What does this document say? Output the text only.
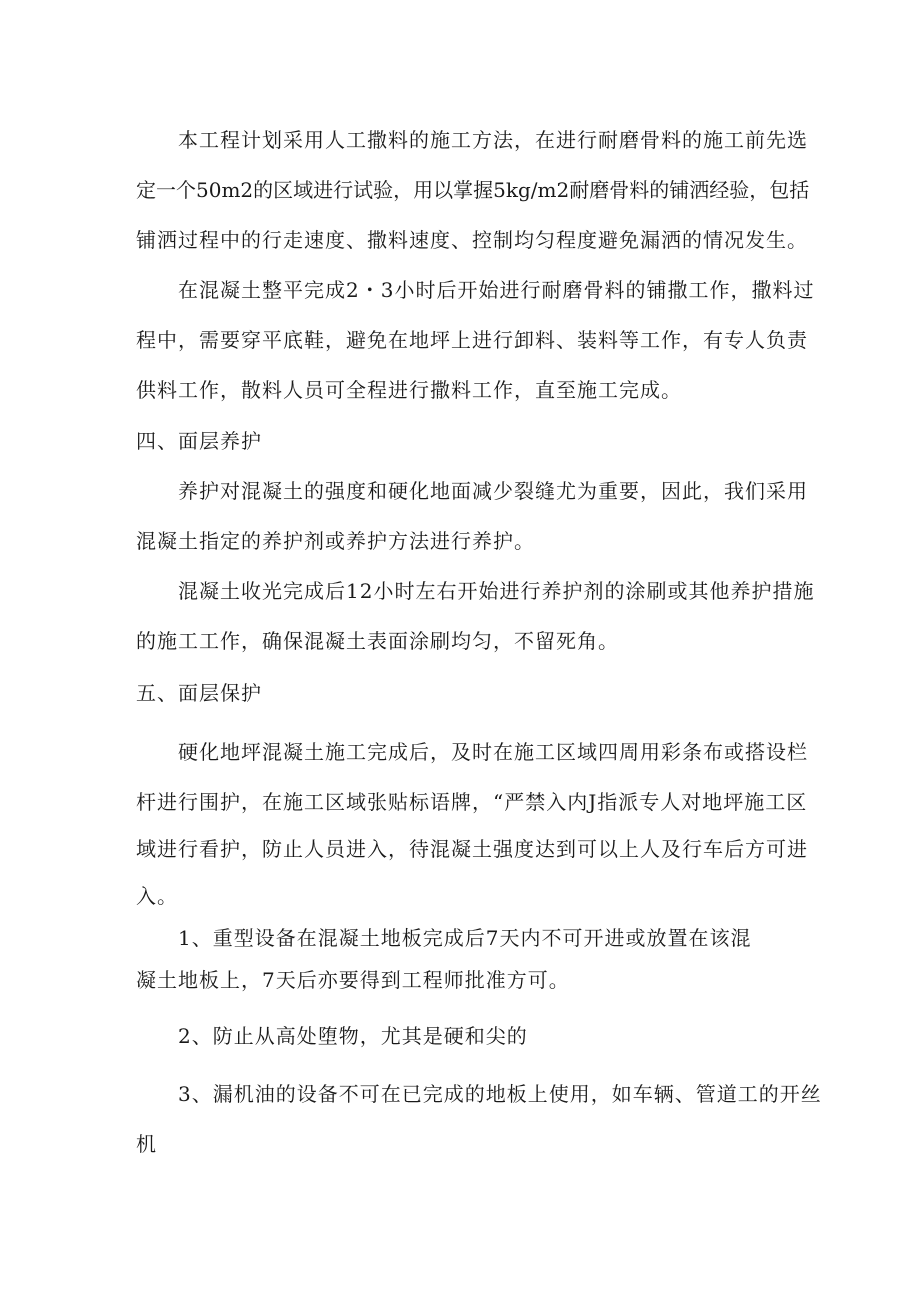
本工程计划采用人工撒料的施工方法，在进行耐磨骨料的施工前先选
定一个50m2的区域进行试验，用以掌握5kg∕m2耐磨骨料的铺洒经验，包括
铺洒过程中的行走速度、撒料速度、控制均匀程度避免漏洒的情况发生。
在混凝土整平完成2・3小时后开始进行耐磨骨料的铺撒工作，撒料过
程中，需要穿平底鞋，避免在地坪上进行卸料、装料等工作，有专人负责
供料工作，散料人员可全程进行撒料工作，直至施工完成。
四、面层养护
养护对混凝土的强度和硬化地面减少裂缝尤为重要，因此，我们采用
混凝土指定的养护剂或养护方法进行养护。
混凝土收光完成后12小时左右开始进行养护剂的涂刷或其他养护措施
的施工工作，确保混凝土表面涂刷均匀，不留死角。
五、面层保护
硬化地坪混凝土施工完成后，及时在施工区域四周用彩条布或搭设栏
杆进行围护，在施工区域张贴标语牌，“严禁入内J指派专人对地坪施工区
域进行看护，防止人员进入，待混凝土强度达到可以上人及行车后方可进
入。
1、重型设备在混凝土地板完成后7天内不可开进或放置在该混
凝土地板上，7天后亦要得到工程师批准方可。
2、防止从高处堕物，尤其是硬和尖的
3、漏机油的设备不可在已完成的地板上使用，如车辆、管道工的开丝
机
